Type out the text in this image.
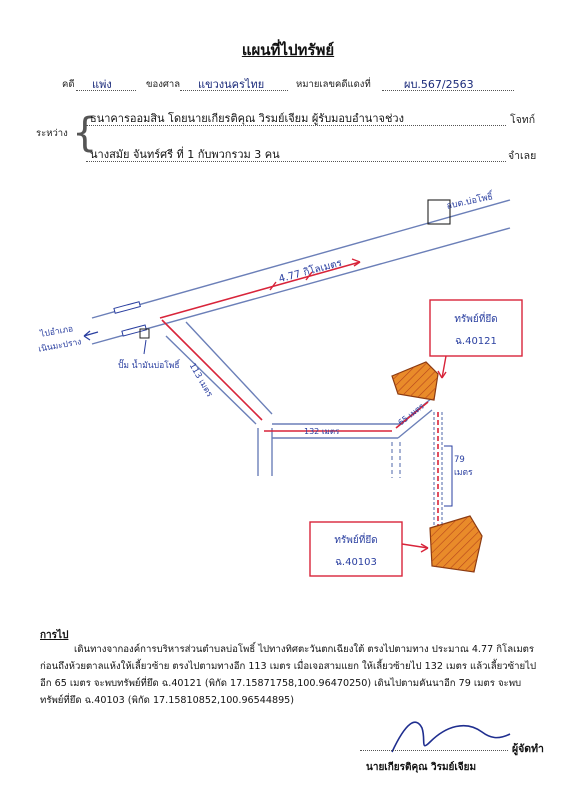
แผนที่ไปทรัพย์
คดี แพ่ง	ของศาล แขวงนครไทย	หมายเลขคดีแดงที่	ผบ.567/2563
ระหว่าง {
ธนาคารออมสิน โดยนายเกียรติคุณ วิรมย์เจียม ผู้รับมอบอำนาจช่วง	โจทก์
นางสมัย จันทร์ศรี ที่ 1 กับพวกรวม 3 คน	จำเลย
อบต.บ่อโพธิ์
4.77 กิโลเมตร
ไปอำเภอ
เนินมะปราง
ปั๊ม น้ำมันบ่อโพธิ์ 113 เมตร
132 เมตร
65 เมตร
79 เมตร
ทรัพย์ที่ยึด
ฉ.40121
ทรัพย์ที่ยึด
ฉ.40103
การไป
เดินทางจากองค์การบริหารส่วนตำบลบ่อโพธิ์ ไปทางทิศตะวันตกเฉียงใต้ ตรงไปตามทาง ประมาณ 4.77 กิโลเมตร
ก่อนถึงห้วยตาลแห้งให้เลี้ยวซ้าย ตรงไปตามทางอีก 113 เมตร เมื่อเจอสามแยก ให้เลี้ยวซ้ายไป 132 เมตร แล้วเลี้ยวซ้ายไป
อีก 65 เมตร จะพบทรัพย์ที่ยึด ฉ.40121 (พิกัด 17.15871758,100.96470250) เดินไปตามคันนาอีก 79 เมตร จะพบ
ทรัพย์ที่ยึด ฉ.40103 (พิกัด 17.15810852,100.96544895)
ผู้จัดทำ
นายเกียรติคุณ วิรมย์เจียม
